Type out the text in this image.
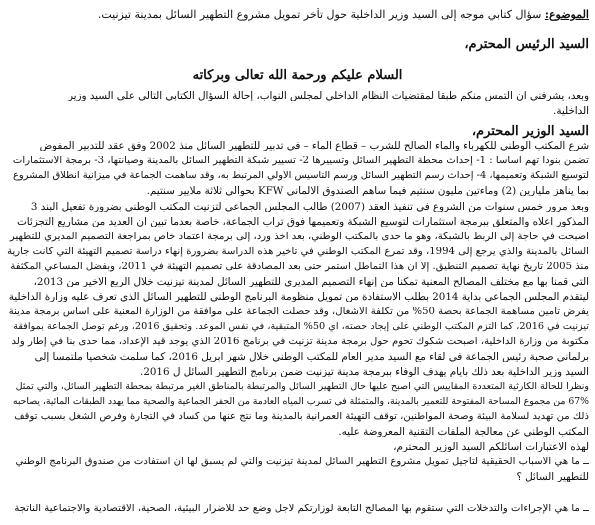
الموضوع: سؤال كتابي موجه إلى السيد وزير الداخلية حول تأخر تمويل مشروع التطهير السائل بمدينة تيزنيت.
السيد الرئيس المحترم،
السلام عليكم ورحمة الله تعالى وبركاته
وبعد، يشرفني ان التمس منكم طبقا لمقتضيات النظام الداخلي لمجلس النواب، إحالة السؤال الكتابي التالي على السيد وزير
الداخلية.
السيد الوزير المحترم،
شرع المكتب الوطني للكهرباء والماء الصالح للشرب – قطاع الماء – في تدبير للتطهير السائل منذ 2002 وفق عقد للتدبير المفوض
تضمن بنودا تهم أساسا : 1- إحداث محطة التطهير السائل وتسييرها 2- تسيير شبكة التطهير السائل بالمدينة وصيانتها، 3- برمجة الاستثمارات
لتوسيع الشبكة وتعميمها، 4- إحداث رسم التطهير السائل ورسم التأسيس الأولي المرتبط به، وقد ساهمت الجماعة في ميزانية انطلاق المشروع
بما يناهز مليارين (2) وماءتين مليون سنتيم فيما ساهم الصندوق الألماني KFW بحوالي ثلاثة ملايير سنتيم.
وبعد مرور خمس سنوات من الشروع في تنفيذ العقد (2007) طالب المجلس الجماعي لتزنيت المكتب الوطني بضرورة تفعيل البند 3
المذكور اعلاه والمتعلق ببرمجة استثمارات لتوسيع الشبكة وتعميمها فوق تراب الجماعة، خاصة بعدما تبين أن العديد من مشاريع التجزئات
أصبحت في حاجة إلى الربط بالشبكة، وهو ما حدى بالمكتب الوطني، بعد أخذ ورد، إلى برمجة اعتماد خاص بمراجعة التصميم المديري للتطهير
السائل بالمدينة والذي يرجع إلى 1994، وقد تمرع المكتب الوطني في تأخير هذه الدراسة بضرورة إنهاء دراسة تصميم التهيئة التي كانت جارية
منذ 2005 تاريخ نهاية تصميم التنطيق. إلا أن هذا التماطل استمر حتى بعد المصادقة على تصميم التهيئة في 2011، وبفضل المساعي المكثفة
التي قمنا بها مع مختلف المصالح المعنية تمكنا من إنهاء التصميم المديري للتطهير السائل لمدينة تيزنيت خلال الربع الأخير من 2013،
ليتقدم المجلس الجماعي بداية 2014 بطلب الاستفادة من تمويل منظومة البرنامج الوطني للتطهير السائل الذي تعرف عليه وزارة الداخلية
يفرض تأمين مساهمة الجماعة بحصة 50% من تكلفة الأشغال، وقد حصلت الجماعة على موافقة من الوزارة المعنية على أساس برمجة مدينة
تيزنيت في 2016، كما التزم المكتب الوطني على إيجاد حصته، أي 50% المتبقية، في نفس الموعد. وتحقيق 2016، ورغم توصل الجماعة بموافقة
مكتوبة من وزارة الداخلية، أصبحت شكوك تحوم حول برمجة مدينة تزنيت في برنامج 2016 الذي يوجد قيد الإعداد، مما حدى بنا في إطار ولد
برلماني صحبة رئيس الجماعة في لقاء مع السيد مدير العام للمكتب الوطني خلال شهر أبريل 2016، كما سلمت شخصيا ملتمسا إلى
السيد وزير الداخلية بعد ذلك بأيام يهدف الوفاء ببرمجة مدينة تيزنيت ضمن برنامج التطهير السائل ل 2016.
ونظرا للحالة الكارثية المتعددة المقاييس التي أصبح عليها حال التطهير السائل والمرتبطة بالمناطق الغير مرتبطة بمحطة التطهير السائل، والتي تمثل
67% من مجموع المساحة المفتوحة للتعمير بالمدينة، والمتمثلة في تسرب المياه العادمة من الحفر الجماعية والصحية مما يهدد الطبقات المائية، يصاحبه
ذلك من تهديد لسلامة البيئة وصحة المواطنين، توقف التهيئة العمرانية بالمدينة وما نتج عنها من كساد في التجارة وفرص الشغل بسبب توقف
المكتب الوطني عن معالجة الملفات التقنية المعروضة عليه.
لهذه الاعتبارات أسائلكم السيد الوزير المحترم،
ــ ما هي الأسباب الحقيقية لتأجيل تمويل مشروع التطهير السائل لمدينة تيزنيت والتي لم يسبق لها أن استفادت من صندوق البرنامج الوطني
للتطهير السائل ؟
ــ ما هي الإجراءات والتدخلات التي ستقوم بها المصالح التابعة لوزارتكم لأجل وضع حد للأضرار البيئية، الصحية، الاقتصادية والاجتماعية الناتجة
